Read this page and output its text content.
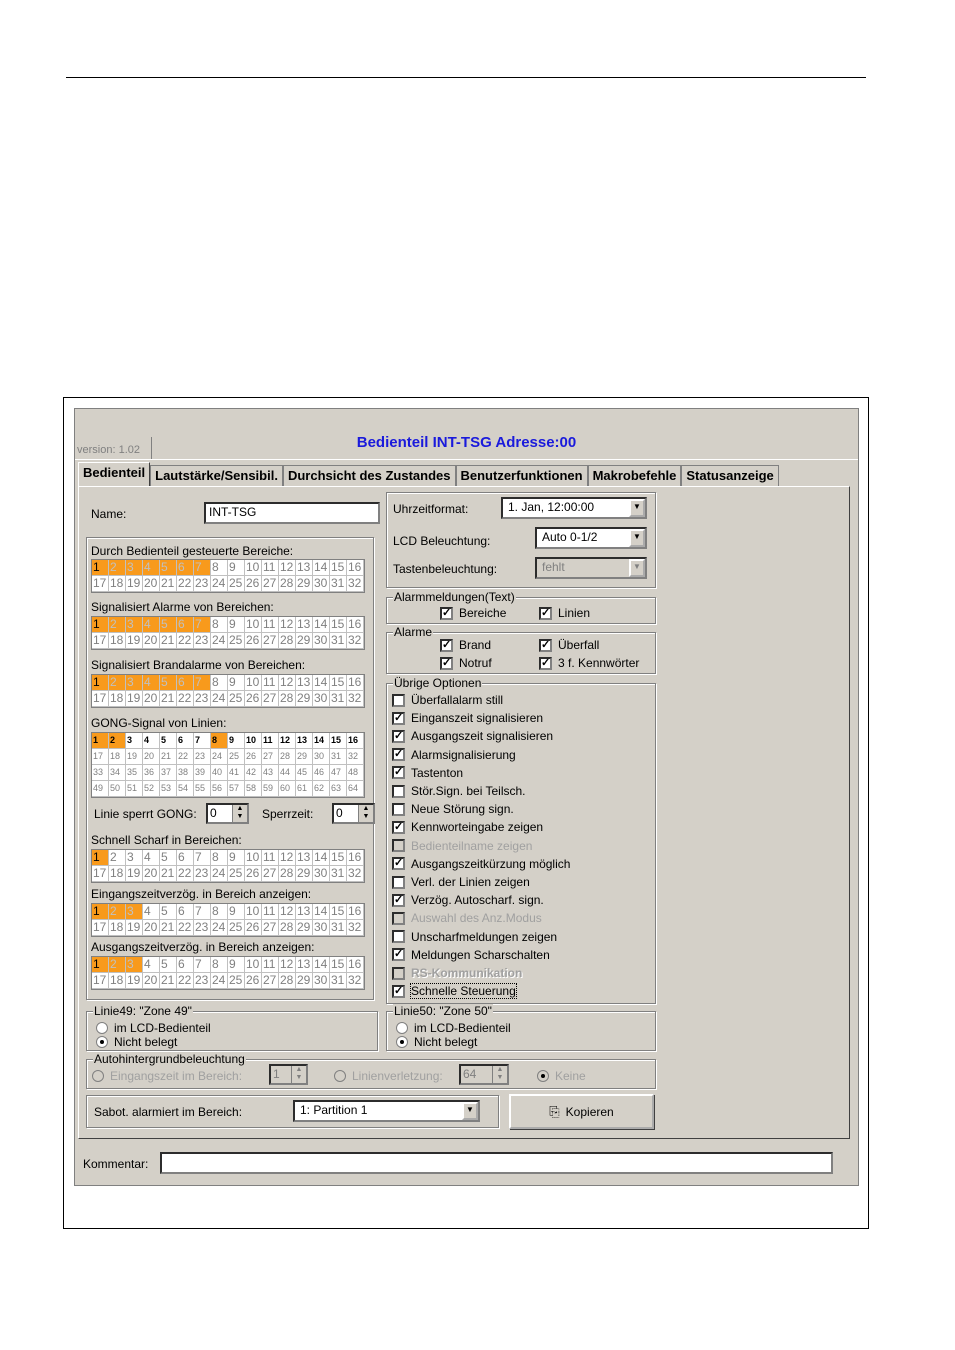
version: 1.02	Bedienteil INT-TSG Adresse:00
Bedienteil Lautstärke/Sensibil. Durchsicht des Zustandes Benutzerfunktionen Makrobefehle Statusanzeige
Name:	INT-TSG
Durch Bedienteil gesteuerte Bereiche:
1 2 3 4 5 6 7 8 9 10 11 12 13 14 15 16
17 18 19 20 21 22 23 24 25 26 27 28 29 30 31 32
Signalisiert Alarme von Bereichen:
1 2 3 4 5 6 7 8 9 10 11 12 13 14 15 16
17 18 19 20 21 22 23 24 25 26 27 28 29 30 31 32
Signalisiert Brandalarme von Bereichen:
1 2 3 4 5 6 7 8 9 10 11 12 13 14 15 16
17 18 19 20 21 22 23 24 25 26 27 28 29 30 31 32
GONG-Signal von Linien:
1	2	3	4	5	6	7	8	9	10 11 12 13 14 15 16
17 18 19 20 21 22 23 24 25 26 27 28 29 30 31 32
33 34 35 36 37 38 39 40 41 42 43 44 45 46 47 48
49 50 51 52 53 54 55 56 57 58 59 60 61 62 63 64
Linie sperrt GONG:	0	▲
▼ Sperrzeit:	0	▲
▼
Schnell Scharf in Bereichen:
1 2 3 4 5 6 7 8 9 10 11 12 13 14 15 16
17 18 19 20 21 22 23 24 25 26 27 28 29 30 31 32
Eingangszeitverzög. in Bereich anzeigen:
1 2 3 4 5 6 7 8 9 10 11 12 13 14 15 16
17 18 19 20 21 22 23 24 25 26 27 28 29 30 31 32
Ausgangszeitverzög. in Bereich anzeigen:
1 2 3 4 5 6 7 8 9 10 11 12 13 14 15 16
17 18 19 20 21 22 23 24 25 26 27 28 29 30 31 32
Uhrzeitformat:	1. Jan, 12:00:00	▼
LCD Beleuchtung:	Auto 0-1/2	▼
Tastenbeleuchtung:	fehlt	▼
Alarmmeldungen(Text)
✓ Bereiche	✓ Linien
Alarme
✓ Brand	✓ Überfall
✓ Notruf	✓ 3 f. Kennwörter
Übrige Optionen
Überfallalarm still
✓ Einganszeit signalisieren
✓ Ausgangszeit signalisieren
✓ Alarmsignalisierung
✓ Tastenton
Stör.Sign. bei Teilsch.
Neue Störung sign.
✓ Kennworteingabe zeigen
Bedienteilname zeigen
✓ Ausgangszeitkürzung möglich
Verl. der Linien zeigen
✓ Verzög. Autoscharf. sign.
Auswahl des Anz.Modus
Unscharfmeldungen zeigen
✓ Meldungen Scharschalten
RS-Kommunikation
✓ Schnelle Steuerung
Linie49: "Zone 49"
im LCD-Bedienteil
Nicht belegt
Linie50: "Zone 50"
im LCD-Bedienteil
Nicht belegt
Autohintergrundbeleuchtung
Eingangszeit im Bereich:	1	▲
▼	Linienverletzung:	64	▲
▼	Keine
Sabot. alarmiert im Bereich:	1: Partition 1	▼	⎘ Kopieren
Kommentar:
